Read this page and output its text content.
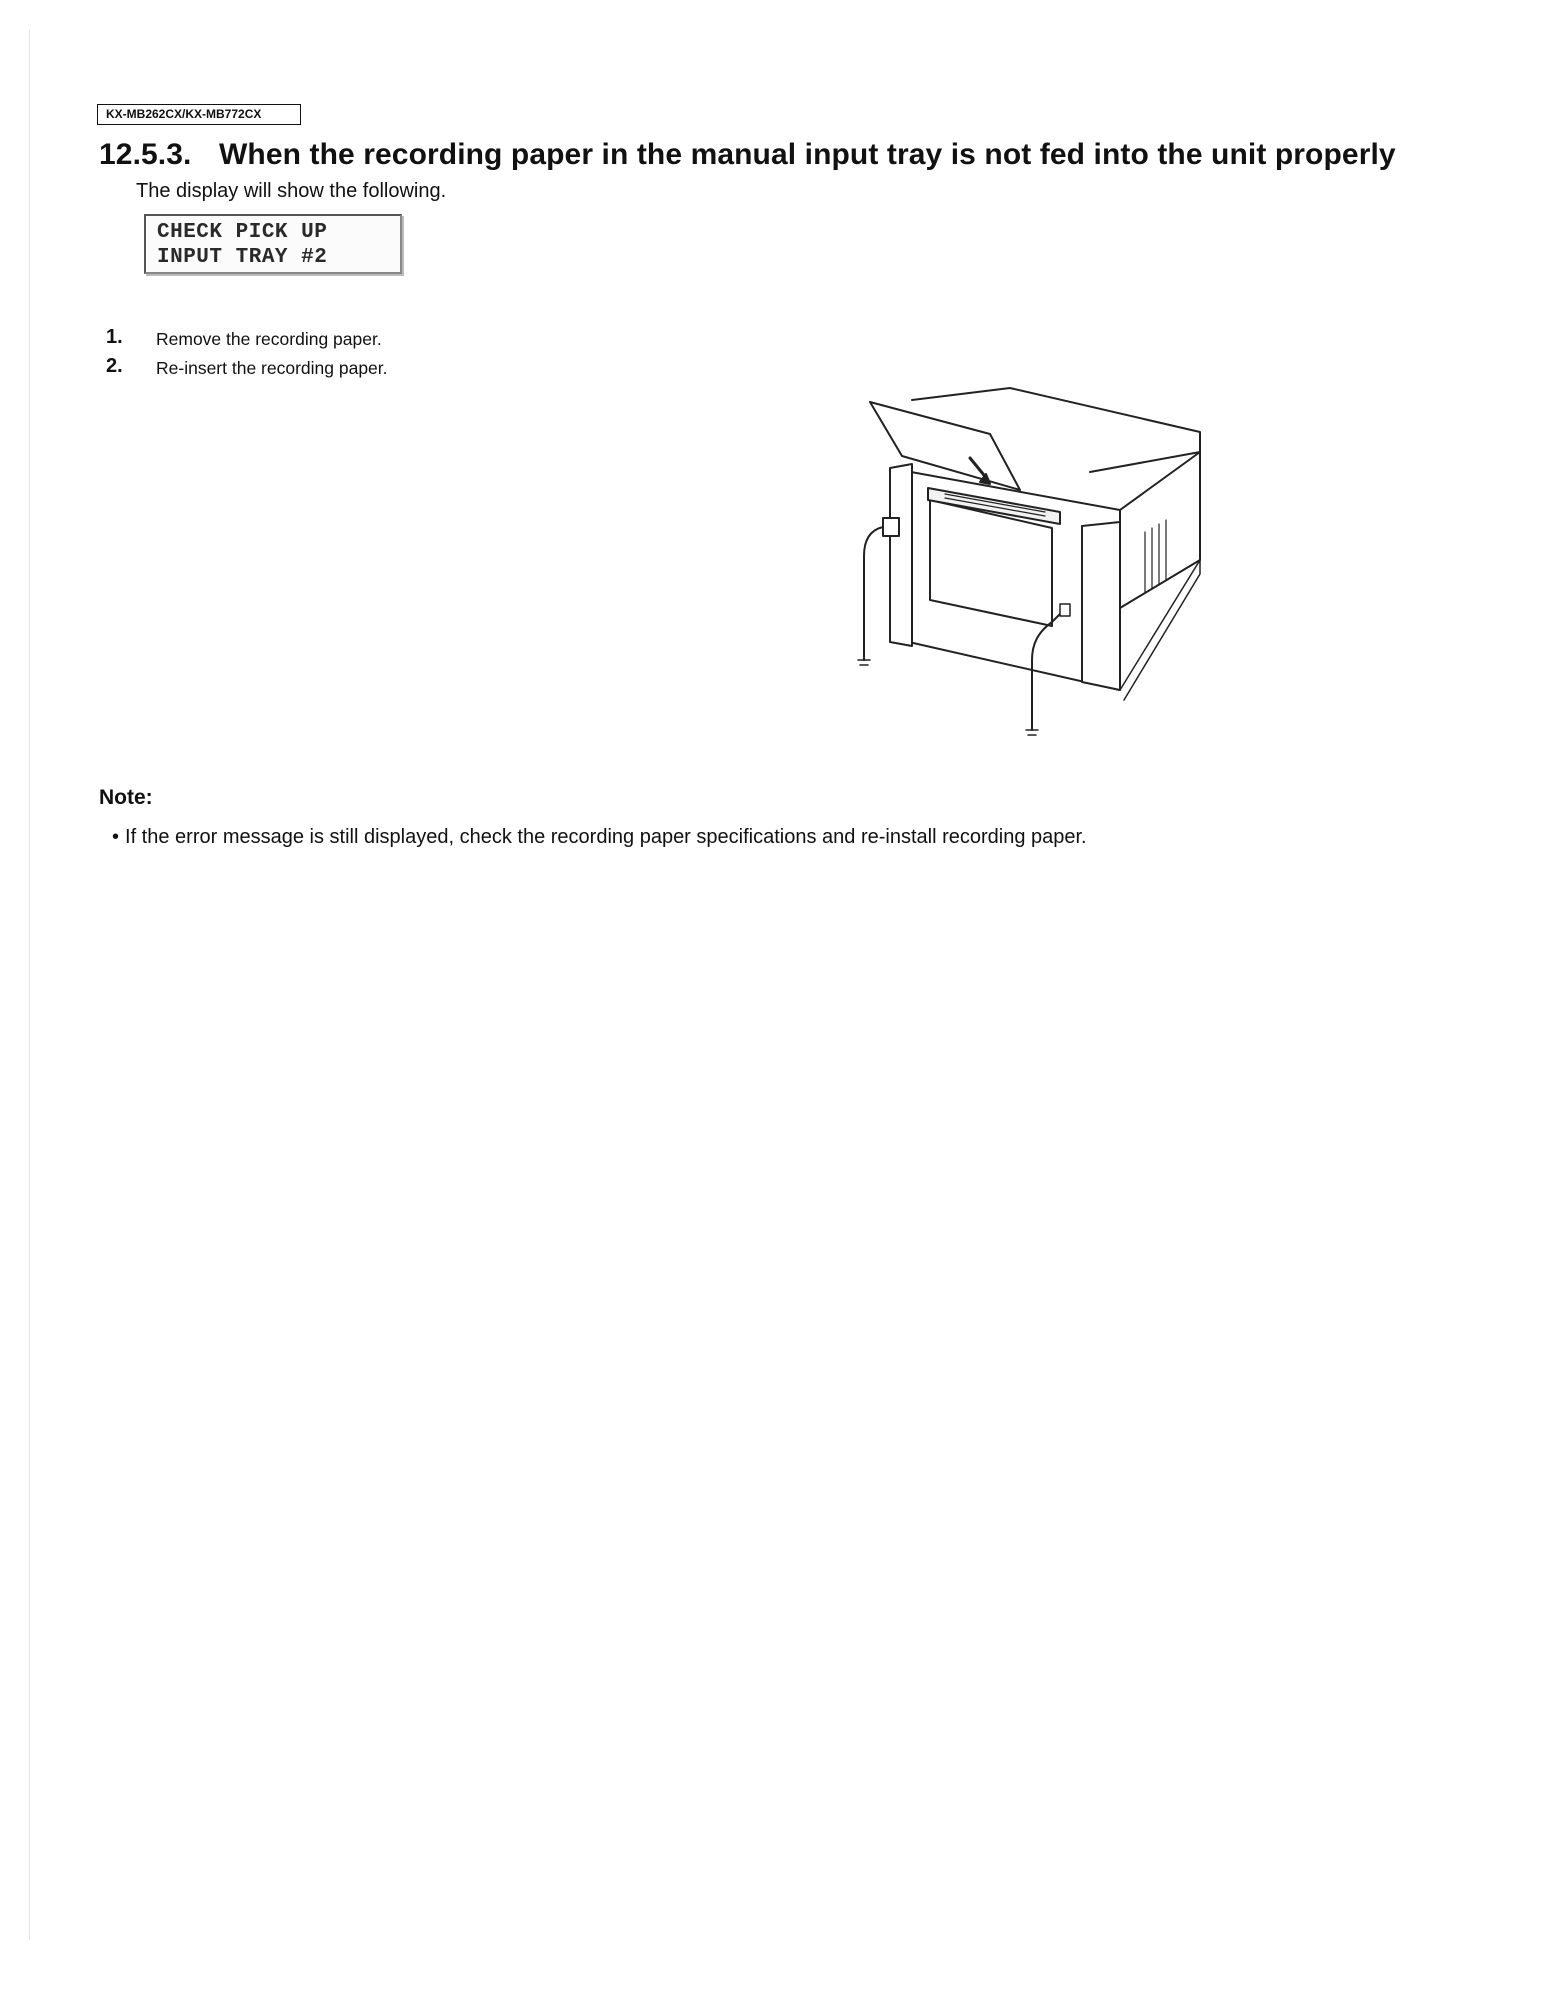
KX-MB262CX/KX-MB772CX
12.5.3. When the recording paper in the manual input tray is not fed into the unit properly
The display will show the following.
CHECK PICK UP
INPUT TRAY #2
1. Remove the recording paper.
2. Re-insert the recording paper.
Note:
• If the error message is still displayed, check the recording paper specifications and re-install recording paper.
